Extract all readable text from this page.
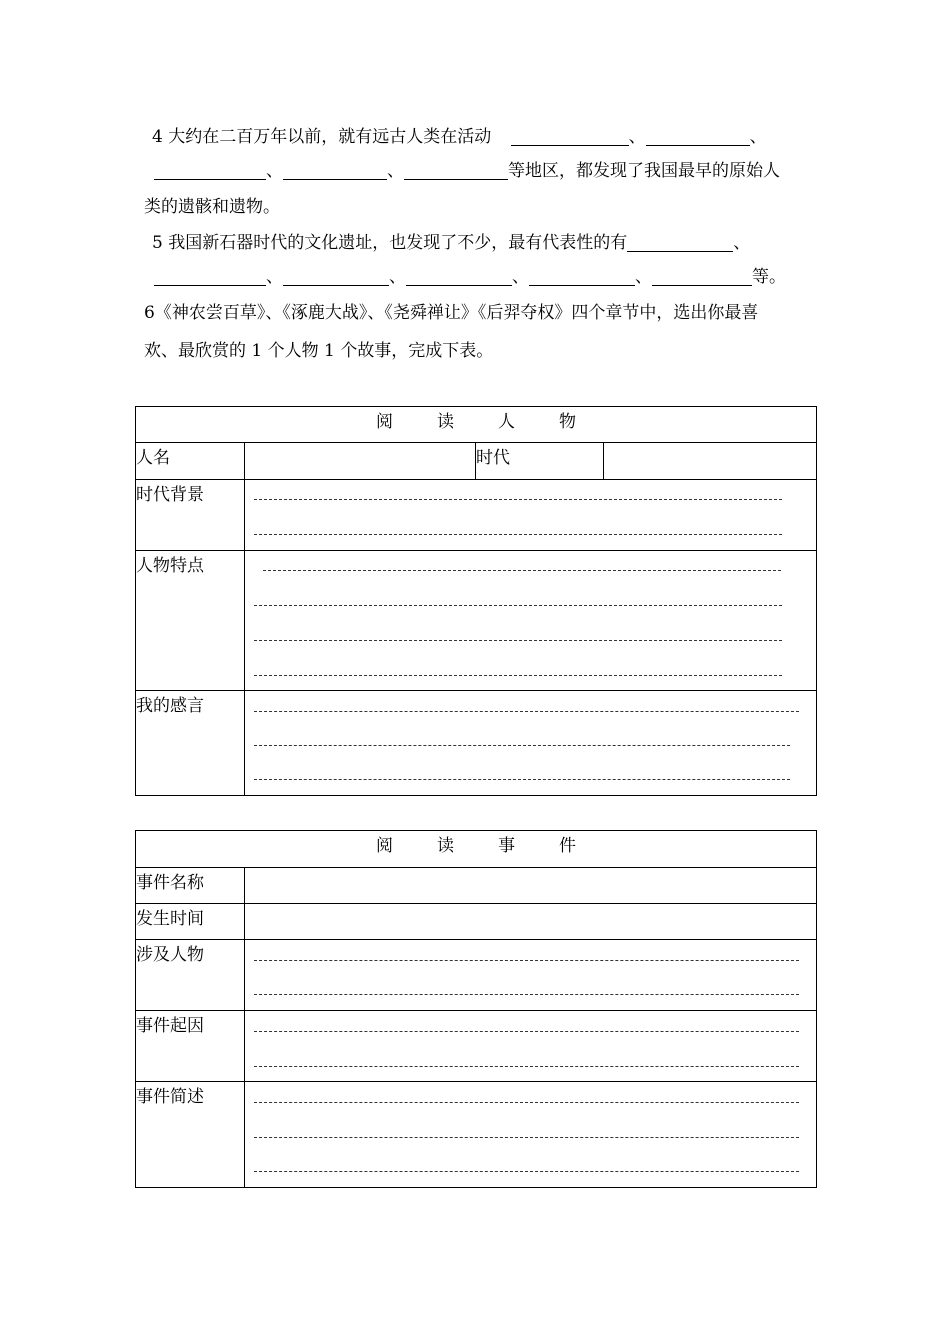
4 大约在二百万年以前，就有远古人类在活动	、	、
、	、	等地区，都发现了我国最早的原始人
类的遗骸和遗物。
5 我国新石器时代的文化遗址，也发现了不少，最有代表性的有	、
、	、	、	、	等。
6《神农尝百草》、《涿鹿大战》、《尧舜禅让》《后羿夺权》四个章节中，选出你最喜
欢、最欣赏的 1 个人物 1 个故事，完成下表。
阅 读 人 物			
人名		时代	
时代背景			

人物特点			

我的感言			
阅 读 事 件	
事件名称	
发生时间	
涉及人物	

事件起因	

事件简述	
